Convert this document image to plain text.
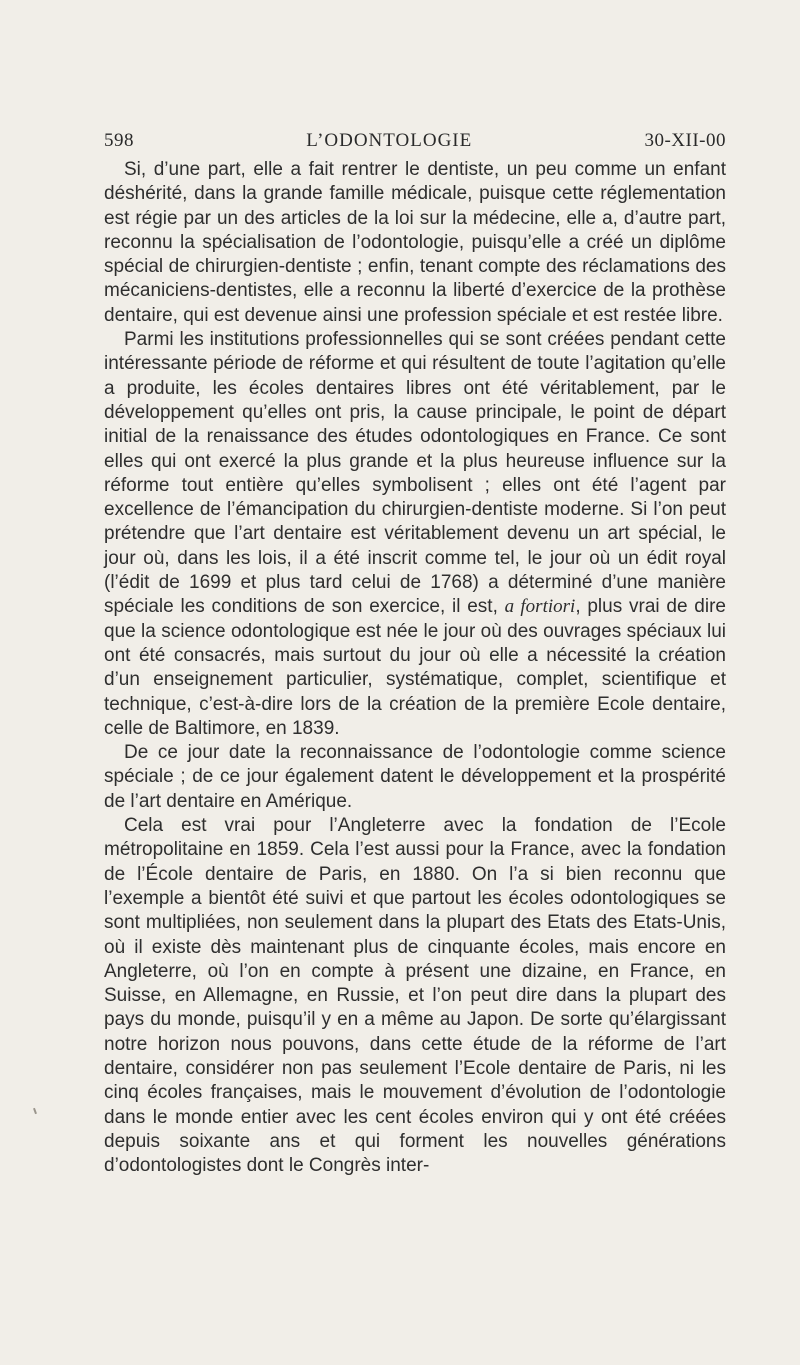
598	L’ODONTOLOGIE	30-XII-00

Si, d’une part, elle a fait rentrer le dentiste, un peu comme un enfant déshérité, dans la grande famille médicale, puisque cette réglementation est régie par un des articles de la loi sur la médecine, elle a, d’autre part, reconnu la spécialisation de l’odontologie, puisqu’elle a créé un diplôme spécial de chirurgien-dentiste ; enfin, tenant compte des réclamations des mécaniciens-dentistes, elle a reconnu la liberté d’exercice de la prothèse dentaire, qui est devenue ainsi une profession spéciale et est restée libre.

Parmi les institutions professionnelles qui se sont créées pendant cette intéressante période de réforme et qui résultent de toute l’agitation qu’elle a produite, les écoles dentaires libres ont été véritablement, par le développement qu’elles ont pris, la cause principale, le point de départ initial de la renaissance des études odontologiques en France. Ce sont elles qui ont exercé la plus grande et la plus heureuse influence sur la réforme tout entière qu’elles symbolisent ; elles ont été l’agent par excellence de l’émancipation du chirurgien-dentiste moderne. Si l’on peut prétendre que l’art dentaire est véritablement devenu un art spécial, le jour où, dans les lois, il a été inscrit comme tel, le jour où un édit royal (l’édit de 1699 et plus tard celui de 1768) a déterminé d’une manière spéciale les conditions de son exercice, il est, a fortiori, plus vrai de dire que la science odontologique est née le jour où des ouvrages spéciaux lui ont été consacrés, mais surtout du jour où elle a nécessité la création d’un enseignement particulier, systématique, complet, scientifique et technique, c’est-à-dire lors de la création de la première Ecole dentaire, celle de Baltimore, en 1839.

De ce jour date la reconnaissance de l’odontologie comme science spéciale ; de ce jour également datent le développement et la prospérité de l’art dentaire en Amérique.

Cela est vrai pour l’Angleterre avec la fondation de l’Ecole métropolitaine en 1859. Cela l’est aussi pour la France, avec la fondation de l’École dentaire de Paris, en 1880. On l’a si bien reconnu que l’exemple a bientôt été suivi et que partout les écoles odontologiques se sont multipliées, non seulement dans la plupart des Etats des Etats-Unis, où il existe dès maintenant plus de cinquante écoles, mais encore en Angleterre, où l’on en compte à présent une dizaine, en France, en Suisse, en Allemagne, en Russie, et l’on peut dire dans la plupart des pays du monde, puisqu’il y en a même au Japon. De sorte qu’élargissant notre horizon nous pouvons, dans cette étude de la réforme de l’art dentaire, considérer non pas seulement l’Ecole dentaire de Paris, ni les cinq écoles françaises, mais le mouvement d’évolution de l’odontologie dans le monde entier avec les cent écoles environ qui y ont été créées depuis soixante ans et qui forment les nouvelles générations d’odontologistes dont le Congrès inter-
